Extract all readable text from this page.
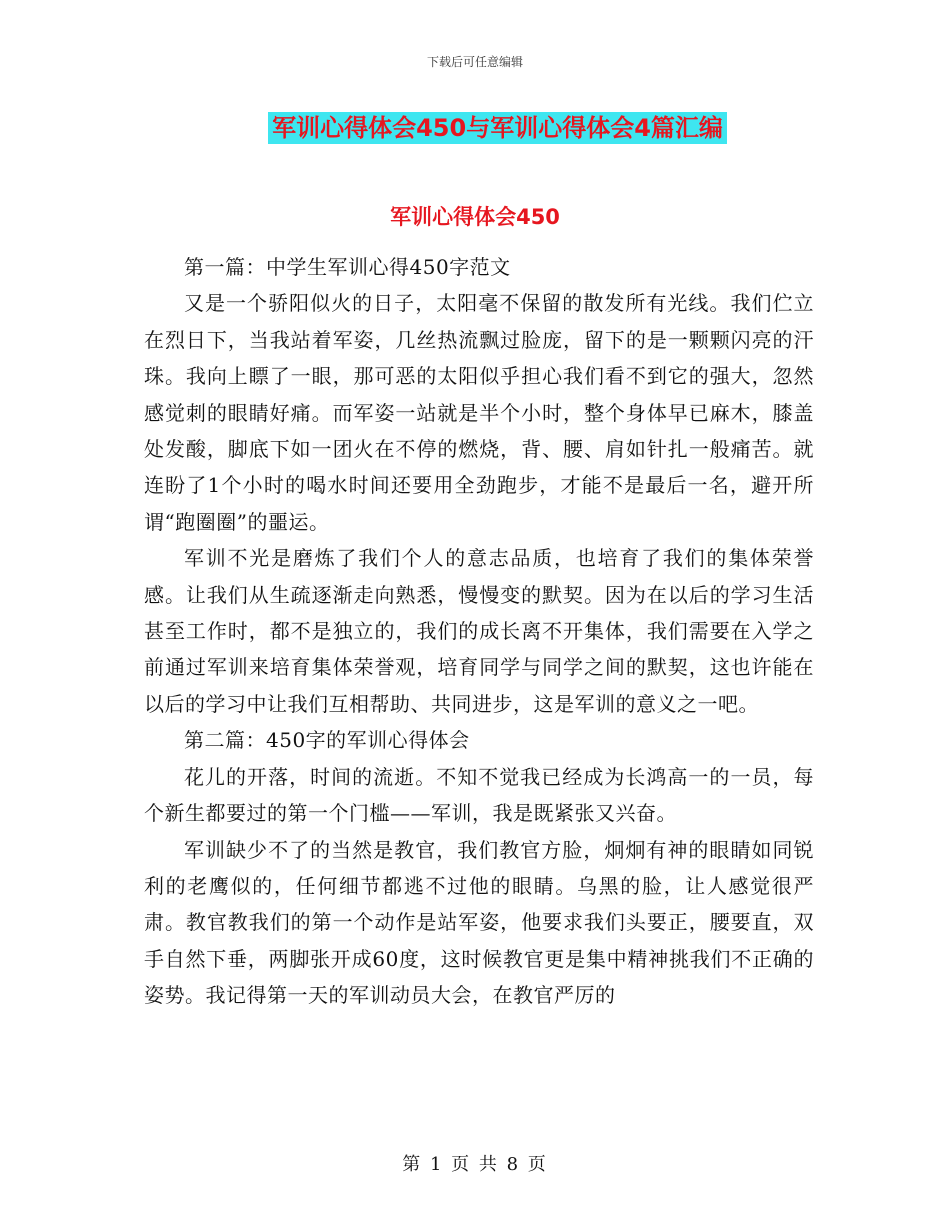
下载后可任意编辑
军训心得体会450与军训心得体会4篇汇编
军训心得体会450

第一篇：中学生军训心得450字范文

又是一个骄阳似火的日子，太阳毫不保留的散发所有光线。我们伫立在烈日下，当我站着军姿，几丝热流飘过脸庞，留下的是一颗颗闪亮的汗珠。我向上瞟了一眼，那可恶的太阳似乎担心我们看不到它的强大，忽然感觉刺的眼睛好痛。而军姿一站就是半个小时，整个身体早已麻木，膝盖处发酸，脚底下如一团火在不停的燃烧，背、腰、肩如针扎一般痛苦。就连盼了1个小时的喝水时间还要用全劲跑步，才能不是最后一名，避开所谓“跑圈圈”的噩运。

军训不光是磨炼了我们个人的意志品质，也培育了我们的集体荣誉感。让我们从生疏逐渐走向熟悉，慢慢变的默契。因为在以后的学习生活甚至工作时，都不是独立的，我们的成长离不开集体，我们需要在入学之前通过军训来培育集体荣誉观，培育同学与同学之间的默契，这也许能在以后的学习中让我们互相帮助、共同进步，这是军训的意义之一吧。

第二篇：450字的军训心得体会

花儿的开落，时间的流逝。不知不觉我已经成为长鸿高一的一员，每个新生都要过的第一个门槛——军训，我是既紧张又兴奋。

军训缺少不了的当然是教官，我们教官方脸，炯炯有神的眼睛如同锐利的老鹰似的，任何细节都逃不过他的眼睛。乌黑的脸，让人感觉很严肃。教官教我们的第一个动作是站军姿，他要求我们头要正，腰要直，双手自然下垂，两脚张开成60度，这时候教官更是集中精神挑我们不正确的姿势。我记得第一天的军训动员大会，在教官严厉的

第 1 页 共 8 页
